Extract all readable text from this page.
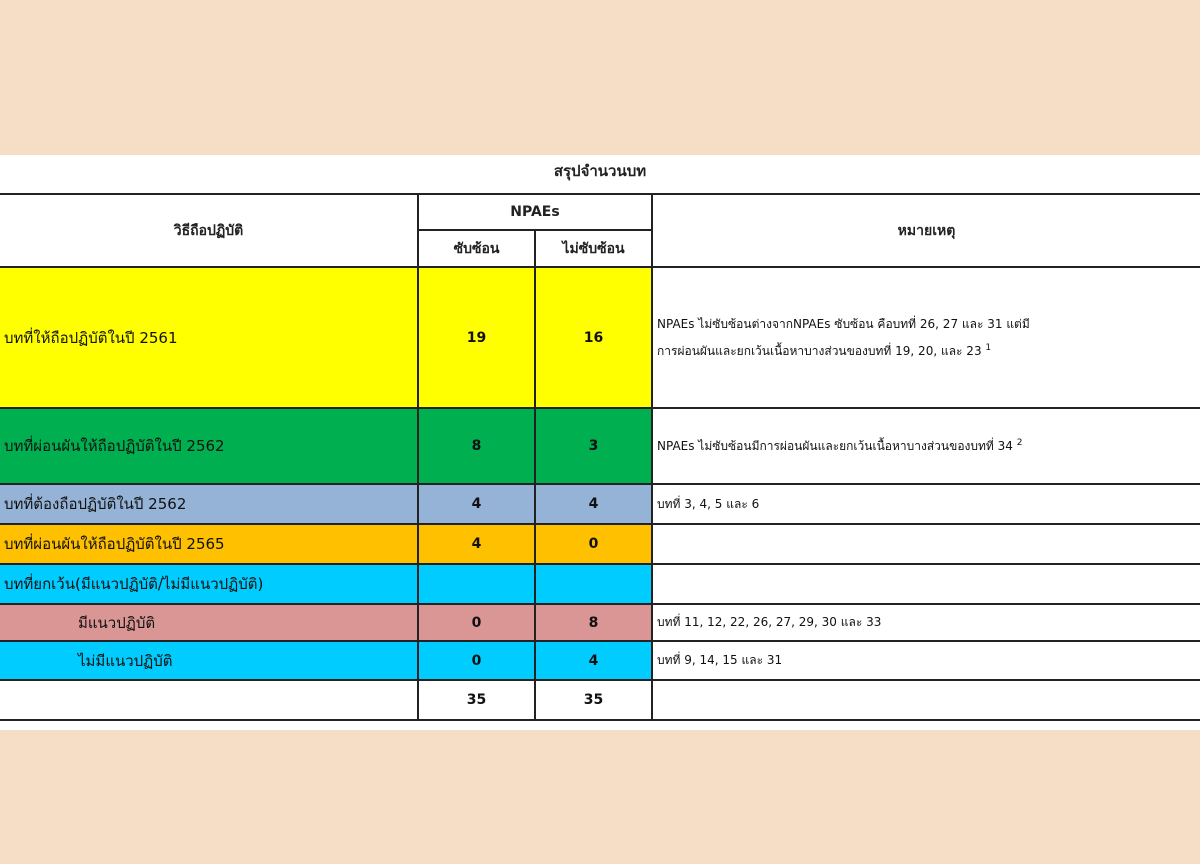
สรุปจำนวนบท
วิธีถือปฏิบัติ	NPAEs		หมายเหตุ
	ซับซ้อน	ไม่ซับซ้อน	
บทที่ให้ถือปฏิบัติในปี 2561	19	16	NPAEs ไม่ซับซ้อนต่างจากNPAEs ซับซ้อน คือบทที่ 26, 27 และ 31 แต่มี
การผ่อนผันและยกเว้นเนื้อหาบางส่วนของบทที่ 19, 20, และ 23 $^1$

บทที่ผ่อนผันให้ถือปฏิบัติในปี 2562	8	3	NPAEs ไม่ซับซ้อนมีการผ่อนผันและยกเว้นเนื้อหาบางส่วนของบทที่ 34 $^2$
บทที่ต้องถือปฏิบัติในปี 2562	4	4	บทที่ 3, 4, 5 และ 6
บทที่ผ่อนผันให้ถือปฏิบัติในปี 2565	4	0	
บทที่ยกเว้น(มีแนวปฏิบัติ/ไม่มีแนวปฏิบัติ)			
มีแนวปฏิบัติ	0	8	บทที่ 11, 12, 22, 26, 27, 29, 30 และ 33
ไม่มีแนวปฏิบัติ	0	4	บทที่ 9, 14, 15 และ 31
	35	35	
